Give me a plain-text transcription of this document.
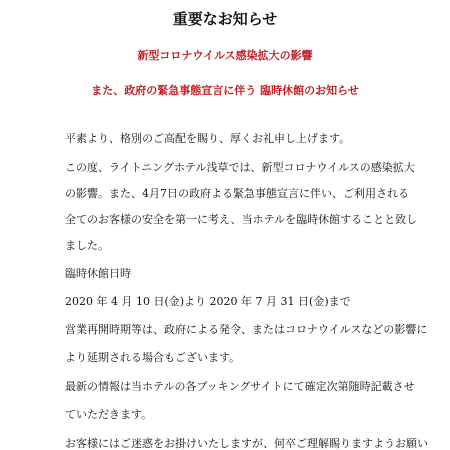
重要なお知らせ
新型コロナウイルス感染拡大の影響
また、政府の緊急事態宣言に伴う 臨時休館のお知らせ
平素より、格別のご高配を賜り、厚くお礼申し上げます。
この度、ライトニングホテル浅草では、新型コロナウイルスの感染拡大
の影響。また、4月7日の政府よる緊急事態宣言に伴い、ご利用される
全てのお客様の安全を第一に考え、当ホテルを臨時休館することと致し
ました。
臨時休館日時
2020 年 4 月 10 日(金)より 2020 年 7 月 31 日(金)まで
営業再開時期等は、政府による発令、またはコロナウイルスなどの影響に
より延期される場合もございます。
最新の情報は当ホテルの各ブッキングサイトにて確定次第随時記載させ
ていただきます。
お客様にはご迷惑をお掛けいたしますが、何卒ご理解賜りますようお願い
